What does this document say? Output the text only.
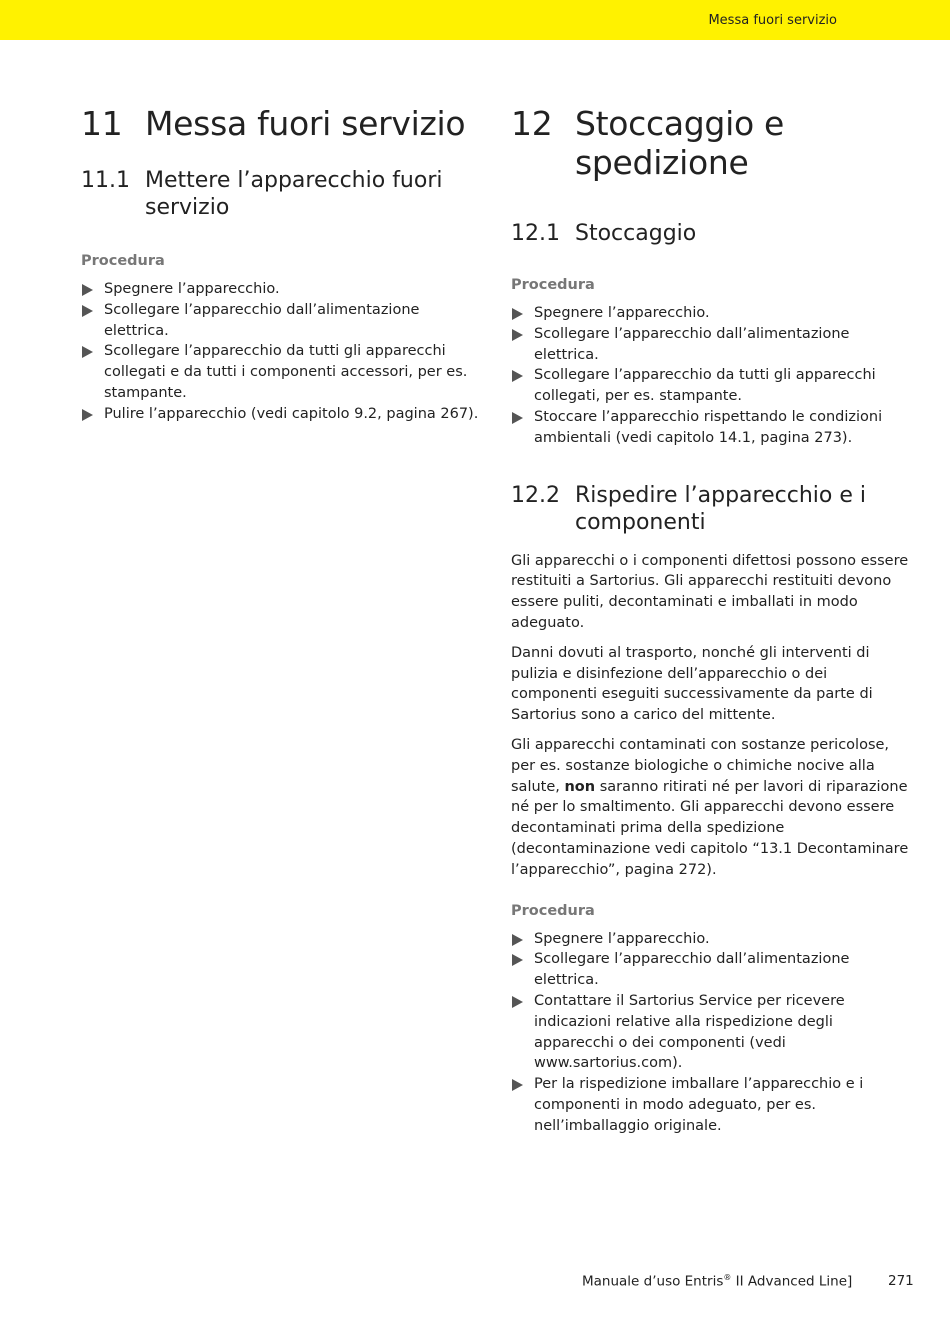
Messa fuori servizio
11 Messa fuori servizio
11.1 Mettere l’apparecchio fuori servizio
Procedura
Spegnere l’apparecchio.
Scollegare l’apparecchio dall’alimentazione elettrica.
Scollegare l’apparecchio da tutti gli apparecchi collegati e da tutti i componenti accessori, per es. stampante.
Pulire l’apparecchio (vedi capitolo 9.2, pagina 267).
12 Stoccaggio e spedizione
12.1 Stoccaggio
Procedura
Spegnere l’apparecchio.
Scollegare l’apparecchio dall’alimentazione elettrica.
Scollegare l’apparecchio da tutti gli apparecchi collegati, per es. stampante.
Stoccare l’apparecchio rispettando le condizioni ambientali (vedi capitolo 14.1, pagina 273).
12.2 Rispedire l’apparecchio e i componenti

Gli apparecchi o i componenti difettosi possono essere restituiti a Sartorius. Gli apparecchi restituiti devono essere puliti, decontaminati e imballati in modo adeguato.

Danni dovuti al trasporto, nonché gli interventi di pulizia e disinfezione dell’apparecchio o dei componenti eseguiti successivamente da parte di Sartorius sono a carico del mittente.

Gli apparecchi contaminati con sostanze pericolose, per es. sostanze biologiche o chimiche nocive alla salute, non saranno ritirati né per lavori di riparazione né per lo smaltimento. Gli apparecchi devono essere decontaminati prima della spedizione (decontaminazione vedi capitolo “13.1 Decontaminare l’apparecchio”, pagina 272).

Procedura
Spegnere l’apparecchio.
Scollegare l’apparecchio dall’alimentazione elettrica.
Contattare il Sartorius Service per ricevere indicazioni relative alla rispedizione degli apparecchi o dei componenti (vedi www.sartorius.com).
Per la rispedizione imballare l’apparecchio e i componenti in modo adeguato, per es. nell’imballaggio originale.
Manuale d’uso Entris® II Advanced Line]	271
